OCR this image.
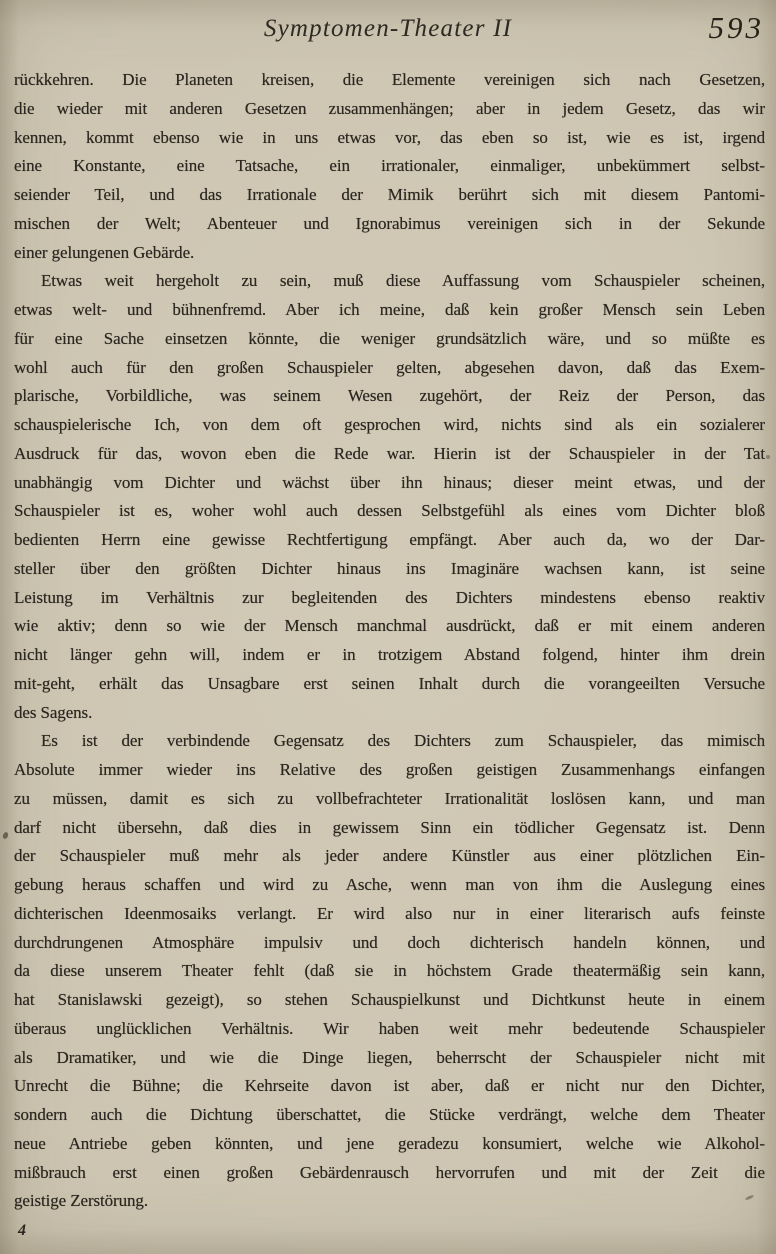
Symptomen-Theater II	593
rückkehren. Die Planeten kreisen, die Elemente vereinigen sich nach Gesetzen,
die wieder mit anderen Gesetzen zusammenhängen; aber in jedem Gesetz, das wir
kennen, kommt ebenso wie in uns etwas vor, das eben so ist, wie es ist, irgend
eine Konstante, eine Tatsache, ein irrationaler, einmaliger, unbekümmert selbst-
seiender Teil, und das Irrationale der Mimik berührt sich mit diesem Pantomi-
mischen der Welt; Abenteuer und Ignorabimus vereinigen sich in der Sekunde
einer gelungenen Gebärde.
Etwas weit hergeholt zu sein, muß diese Auffassung vom Schauspieler scheinen,
etwas welt- und bühnenfremd. Aber ich meine, daß kein großer Mensch sein Leben
für eine Sache einsetzen könnte, die weniger grundsätzlich wäre, und so müßte es
wohl auch für den großen Schauspieler gelten, abgesehen davon, daß das Exem-
plarische, Vorbildliche, was seinem Wesen zugehört, der Reiz der Person, das
schauspielerische Ich, von dem oft gesprochen wird, nichts sind als ein sozialerer
Ausdruck für das, wovon eben die Rede war. Hierin ist der Schauspieler in der Tat
unabhängig vom Dichter und wächst über ihn hinaus; dieser meint etwas, und der
Schauspieler ist es, woher wohl auch dessen Selbstgefühl als eines vom Dichter bloß
bedienten Herrn eine gewisse Rechtfertigung empfängt. Aber auch da, wo der Dar-
steller über den größten Dichter hinaus ins Imaginäre wachsen kann, ist seine
Leistung im Verhältnis zur begleitenden des Dichters mindestens ebenso reaktiv
wie aktiv; denn so wie der Mensch manchmal ausdrückt, daß er mit einem anderen
nicht länger gehn will, indem er in trotzigem Abstand folgend, hinter ihm drein
mit-geht, erhält das Unsagbare erst seinen Inhalt durch die vorangeeilten Versuche
des Sagens.
Es ist der verbindende Gegensatz des Dichters zum Schauspieler, das mimisch
Absolute immer wieder ins Relative des großen geistigen Zusammenhangs einfangen
zu müssen, damit es sich zu vollbefrachteter Irrationalität loslösen kann, und man
darf nicht übersehn, daß dies in gewissem Sinn ein tödlicher Gegensatz ist. Denn
der Schauspieler muß mehr als jeder andere Künstler aus einer plötzlichen Ein-
gebung heraus schaffen und wird zu Asche, wenn man von ihm die Auslegung eines
dichterischen Ideenmosaiks verlangt. Er wird also nur in einer literarisch aufs feinste
durchdrungenen Atmosphäre impulsiv und doch dichterisch handeln können, und
da diese unserem Theater fehlt (daß sie in höchstem Grade theatermäßig sein kann,
hat Stanislawski gezeigt), so stehen Schauspielkunst und Dichtkunst heute in einem
überaus unglücklichen Verhältnis. Wir haben weit mehr bedeutende Schauspieler
als Dramatiker, und wie die Dinge liegen, beherrscht der Schauspieler nicht mit
Unrecht die Bühne; die Kehrseite davon ist aber, daß er nicht nur den Dichter,
sondern auch die Dichtung überschattet, die Stücke verdrängt, welche dem Theater
neue Antriebe geben könnten, und jene geradezu konsumiert, welche wie Alkohol-
mißbrauch erst einen großen Gebärdenrausch hervorrufen und mit der Zeit die
geistige Zerstörung.
4
